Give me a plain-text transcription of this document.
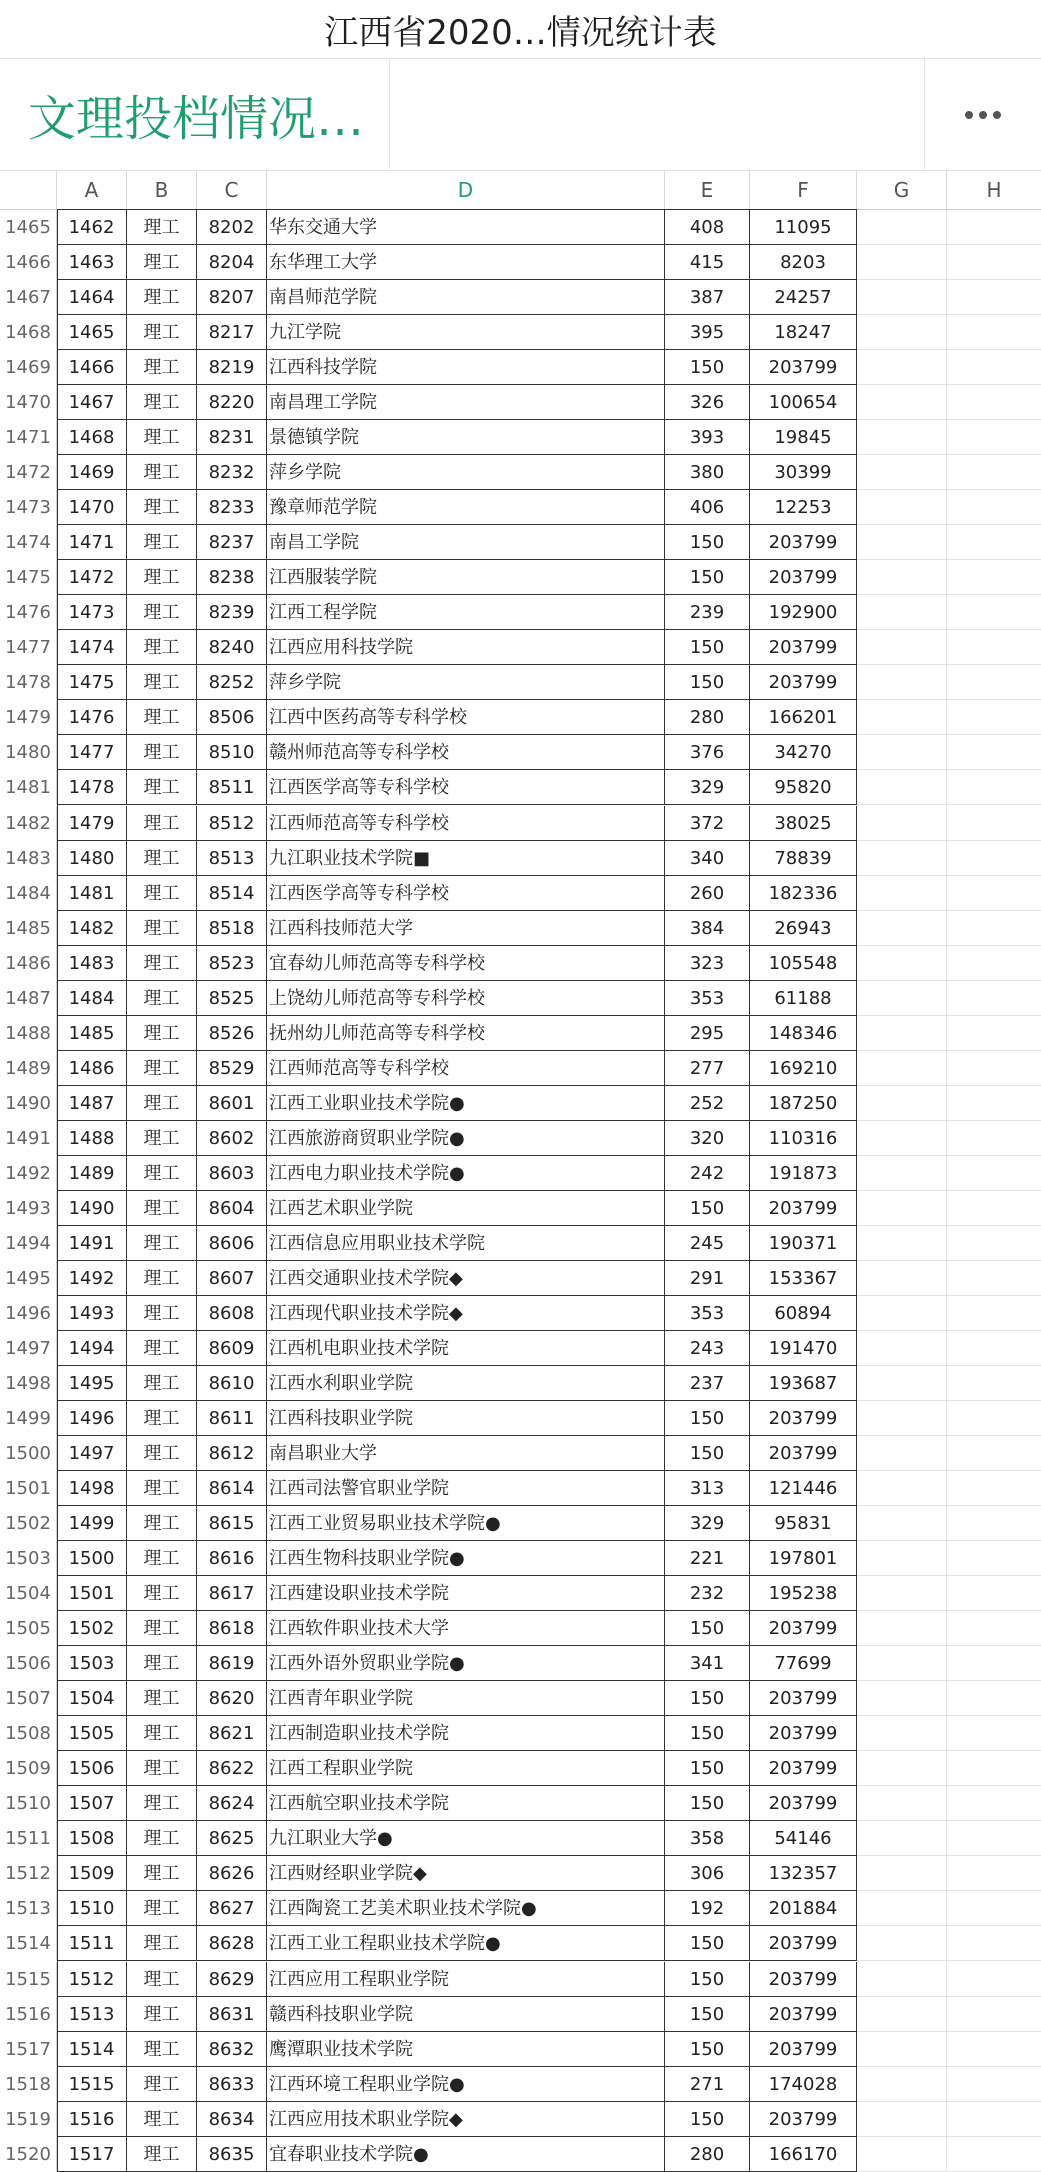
江西省2020…情况统计表
文理投档情况…
A	B	C	D	E	F	G	H
1465 1462	理工	8202 华东交通大学	408	11095
1466 1463	理工	8204 东华理工大学	415	8203
1467 1464	理工	8207 南昌师范学院	387	24257
1468 1465	理工	8217 九江学院	395	18247
1469 1466	理工	8219 江西科技学院	150	203799
1470 1467	理工	8220 南昌理工学院	326	100654
1471 1468	理工	8231 景德镇学院	393	19845
1472 1469	理工	8232 萍乡学院	380	30399
1473 1470	理工	8233 豫章师范学院	406	12253
1474 1471	理工	8237 南昌工学院	150	203799
1475 1472	理工	8238 江西服装学院	150	203799
1476 1473	理工	8239 江西工程学院	239	192900
1477 1474	理工	8240 江西应用科技学院	150	203799
1478 1475	理工	8252 萍乡学院	150	203799
1479 1476	理工	8506 江西中医药高等专科学校	280	166201
1480 1477	理工	8510 赣州师范高等专科学校	376	34270
1481 1478	理工	8511 江西医学高等专科学校	329	95820
1482 1479	理工	8512 江西师范高等专科学校	372	38025
1483 1480	理工	8513 九江职业技术学院■	340	78839
1484 1481	理工	8514 江西医学高等专科学校	260	182336
1485 1482	理工	8518 江西科技师范大学	384	26943
1486 1483	理工	8523 宜春幼儿师范高等专科学校	323	105548
1487 1484	理工	8525 上饶幼儿师范高等专科学校	353	61188
1488 1485	理工	8526 抚州幼儿师范高等专科学校	295	148346
1489 1486	理工	8529 江西师范高等专科学校	277	169210
1490 1487	理工	8601 江西工业职业技术学院●	252	187250
1491 1488	理工	8602 江西旅游商贸职业学院●	320	110316
1492 1489	理工	8603 江西电力职业技术学院●	242	191873
1493 1490	理工	8604 江西艺术职业学院	150	203799
1494 1491	理工	8606 江西信息应用职业技术学院	245	190371
1495 1492	理工	8607 江西交通职业技术学院◆	291	153367
1496 1493	理工	8608 江西现代职业技术学院◆	353	60894
1497 1494	理工	8609 江西机电职业技术学院	243	191470
1498 1495	理工	8610 江西水利职业学院	237	193687
1499 1496	理工	8611 江西科技职业学院	150	203799
1500 1497	理工	8612 南昌职业大学	150	203799
1501 1498	理工	8614 江西司法警官职业学院	313	121446
1502 1499	理工	8615 江西工业贸易职业技术学院●	329	95831
1503 1500	理工	8616 江西生物科技职业学院●	221	197801
1504 1501	理工	8617 江西建设职业技术学院	232	195238
1505 1502	理工	8618 江西软件职业技术大学	150	203799
1506 1503	理工	8619 江西外语外贸职业学院●	341	77699
1507 1504	理工	8620 江西青年职业学院	150	203799
1508 1505	理工	8621 江西制造职业技术学院	150	203799
1509 1506	理工	8622 江西工程职业学院	150	203799
1510 1507	理工	8624 江西航空职业技术学院	150	203799
1511 1508	理工	8625 九江职业大学●	358	54146
1512 1509	理工	8626 江西财经职业学院◆	306	132357
1513 1510	理工	8627 江西陶瓷工艺美术职业技术学院●	192	201884
1514 1511	理工	8628 江西工业工程职业技术学院●	150	203799
1515 1512	理工	8629 江西应用工程职业学院	150	203799
1516 1513	理工	8631 赣西科技职业学院	150	203799
1517 1514	理工	8632 鹰潭职业技术学院	150	203799
1518 1515	理工	8633 江西环境工程职业学院●	271	174028
1519 1516	理工	8634 江西应用技术职业学院◆	150	203799
1520 1517	理工	8635 宜春职业技术学院●	280	166170
